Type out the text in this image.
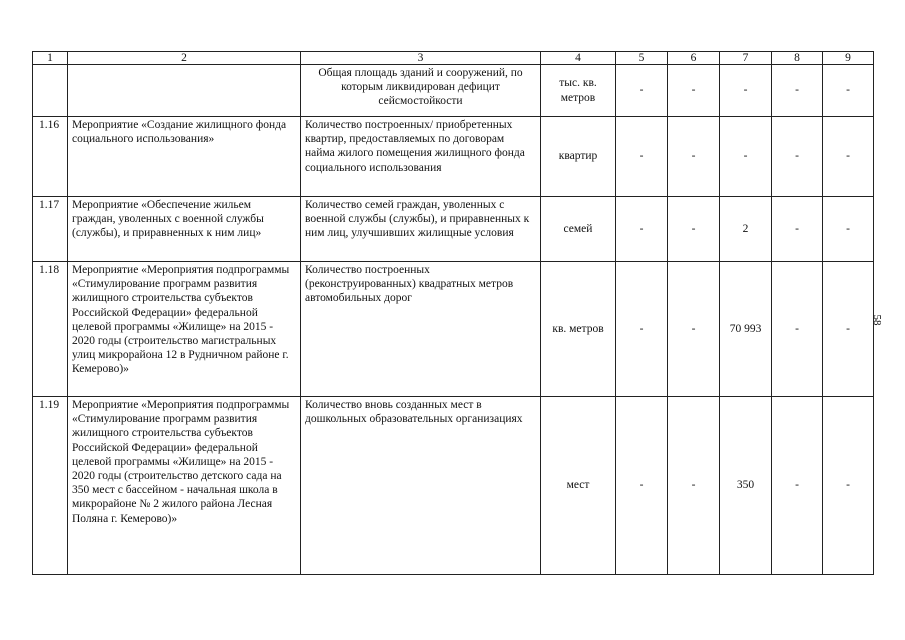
1	2	3	4	5	6	7	8	9
		Общая площадь зданий и сооружений, по которым ликвидирован дефицит сейсмостойкости	тыс. кв. метров	-	-	-	-	-
1.16	Мероприятие «Создание жилищного фонда социального использования»	Количество построенных/ приобретенных квартир, предоставляемых по договорам найма жилого помещения жилищного фонда социального использования	квартир	-	-	-	-	-
1.17	Мероприятие «Обеспечение жильем граждан, уволенных с военной службы (службы), и приравненных к ним лиц»	Количество семей граждан, уволенных с военной службы (службы), и приравненных к ним лиц, улучшивших жилищные условия	семей	-	-	2	-	-
1.18	Мероприятие «Мероприятия подпрограммы «Стимулирование программ развития жилищного строительства субъектов Российской Федерации» федеральной целевой программы «Жилище» на 2015 - 2020 годы (строительство магистральных улиц микрорайона 12 в Рудничном районе г. Кемерово)»	Количество построенных (реконструированных) квадратных метров автомобильных дорог	кв. метров	-	-	70 993	-	-
1.19	Мероприятие «Мероприятия подпрограммы «Стимулирование программ развития жилищного строительства субъектов Российской Федерации» федеральной целевой программы «Жилище» на 2015 - 2020 годы (строительство детского сада на 350 мест с бассейном - начальная школа в микрорайоне № 2 жилого района Лесная Поляна г. Кемерово)»	Количество вновь созданных мест в дошкольных образовательных организациях	мест	-	-	350	-	-
58
